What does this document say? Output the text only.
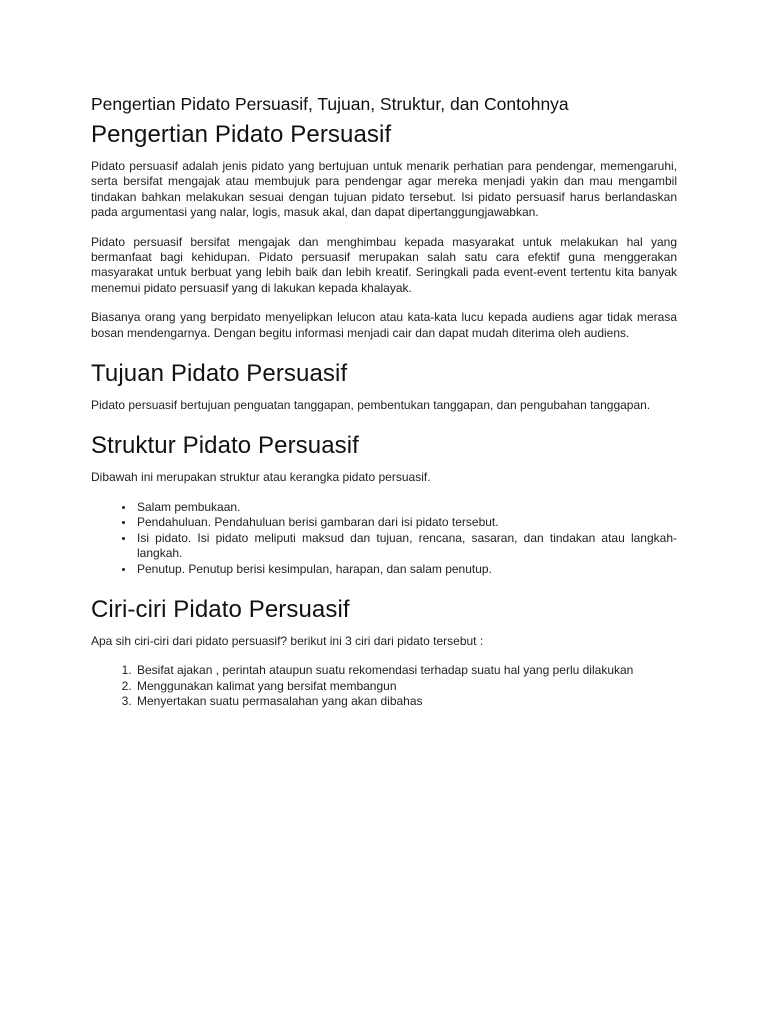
Pengertian Pidato Persuasif, Tujuan, Struktur, dan Contohnya
Pengertian Pidato Persuasif

Pidato persuasif adalah jenis pidato yang bertujuan untuk menarik perhatian para pendengar, memengaruhi, serta bersifat mengajak atau membujuk para pendengar agar mereka menjadi yakin dan mau mengambil tindakan bahkan melakukan sesuai dengan tujuan pidato tersebut. Isi pidato persuasif harus berlandaskan pada argumentasi yang nalar, logis, masuk akal, dan dapat dipertanggungjawabkan.

Pidato persuasif bersifat mengajak dan menghimbau kepada masyarakat untuk melakukan hal yang bermanfaat bagi kehidupan. Pidato persuasif merupakan salah satu cara efektif guna menggerakan masyarakat untuk berbuat yang lebih baik dan lebih kreatif. Seringkali pada event-event tertentu kita banyak menemui pidato persuasif yang di lakukan kepada khalayak.

Biasanya orang yang berpidato menyelipkan lelucon atau kata-kata lucu kepada audiens agar tidak merasa bosan mendengarnya. Dengan begitu informasi menjadi cair dan dapat mudah diterima oleh audiens.

Tujuan Pidato Persuasif

Pidato persuasif bertujuan penguatan tanggapan, pembentukan tanggapan, dan pengubahan tanggapan.

Struktur Pidato Persuasif

Dibawah ini merupakan struktur atau kerangka pidato persuasif.

• Salam pembukaan.
• Pendahuluan. Pendahuluan berisi gambaran dari isi pidato tersebut.
• Isi pidato. Isi pidato meliputi maksud dan tujuan, rencana, sasaran, dan tindakan atau langkah-langkah.
• Penutup. Penutup berisi kesimpulan, harapan, dan salam penutup.
Ciri-ciri Pidato Persuasif

Apa sih ciri-ciri dari pidato persuasif? berikut ini 3 ciri dari pidato tersebut :

1. Besifat ajakan , perintah ataupun suatu rekomendasi terhadap suatu hal yang perlu dilakukan
2. Menggunakan kalimat yang bersifat membangun
3. Menyertakan suatu permasalahan yang akan dibahas
